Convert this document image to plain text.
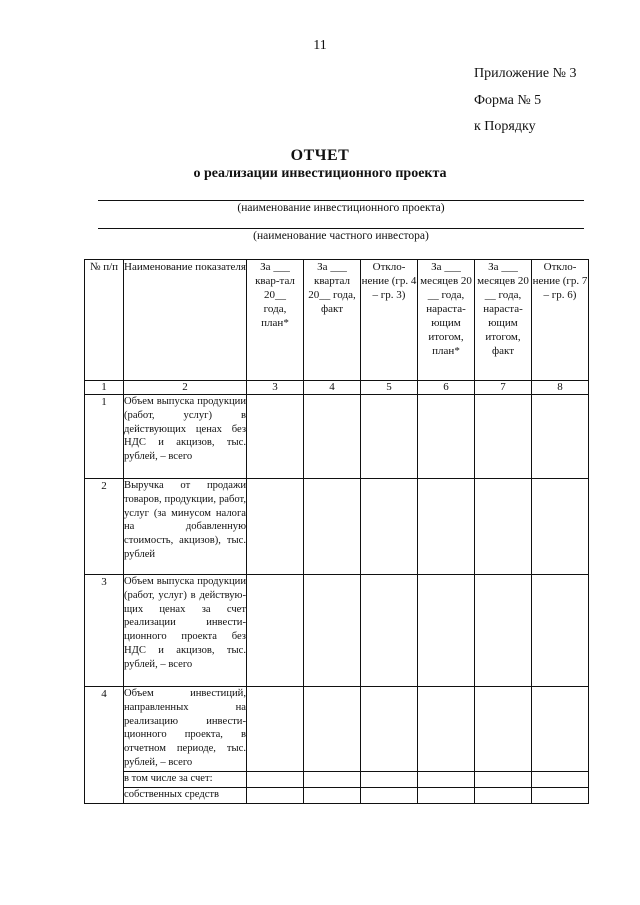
11
Приложение № 3
Форма № 5
к Порядку
ОТЧЕТ
о реализации инвестиционного проекта
(наименование инвестиционного проекта)
(наименование частного инвестора)
№ п/п	Наименование показателя	За ___ квар-тал 20__ года, план*	За ___ квартал 20__ года, факт	Откло-нение (гр. 4 – гр. 3)	За ___ месяцев 20 __ года, нараста-ющим итогом, план*	За ___ месяцев 20 __ года, нараста-ющим итогом, факт	Откло-нение (гр. 7 – гр. 6)
1	2	3	4	5	6	7	8
1	Объем выпуска продукции (работ, услуг) в действующих ценах без НДС и акцизов, тыс. рублей, – всего						
2	Выручка от продажи товаров, продукции, работ, услуг (за минусом налога на добавленную стоимость, акцизов), тыс. рублей						
3	Объем выпуска продукции (работ, услуг) в действую-щих ценах за счет реализации инвести-ционного проекта без НДС и акцизов, тыс. рублей, – всего						
4	Объем инвестиций, направленных на реализацию инвести-ционного проекта, в отчетном периоде, тыс. рублей, – всего						
	в том числе за счет:						
	собственных средств						
